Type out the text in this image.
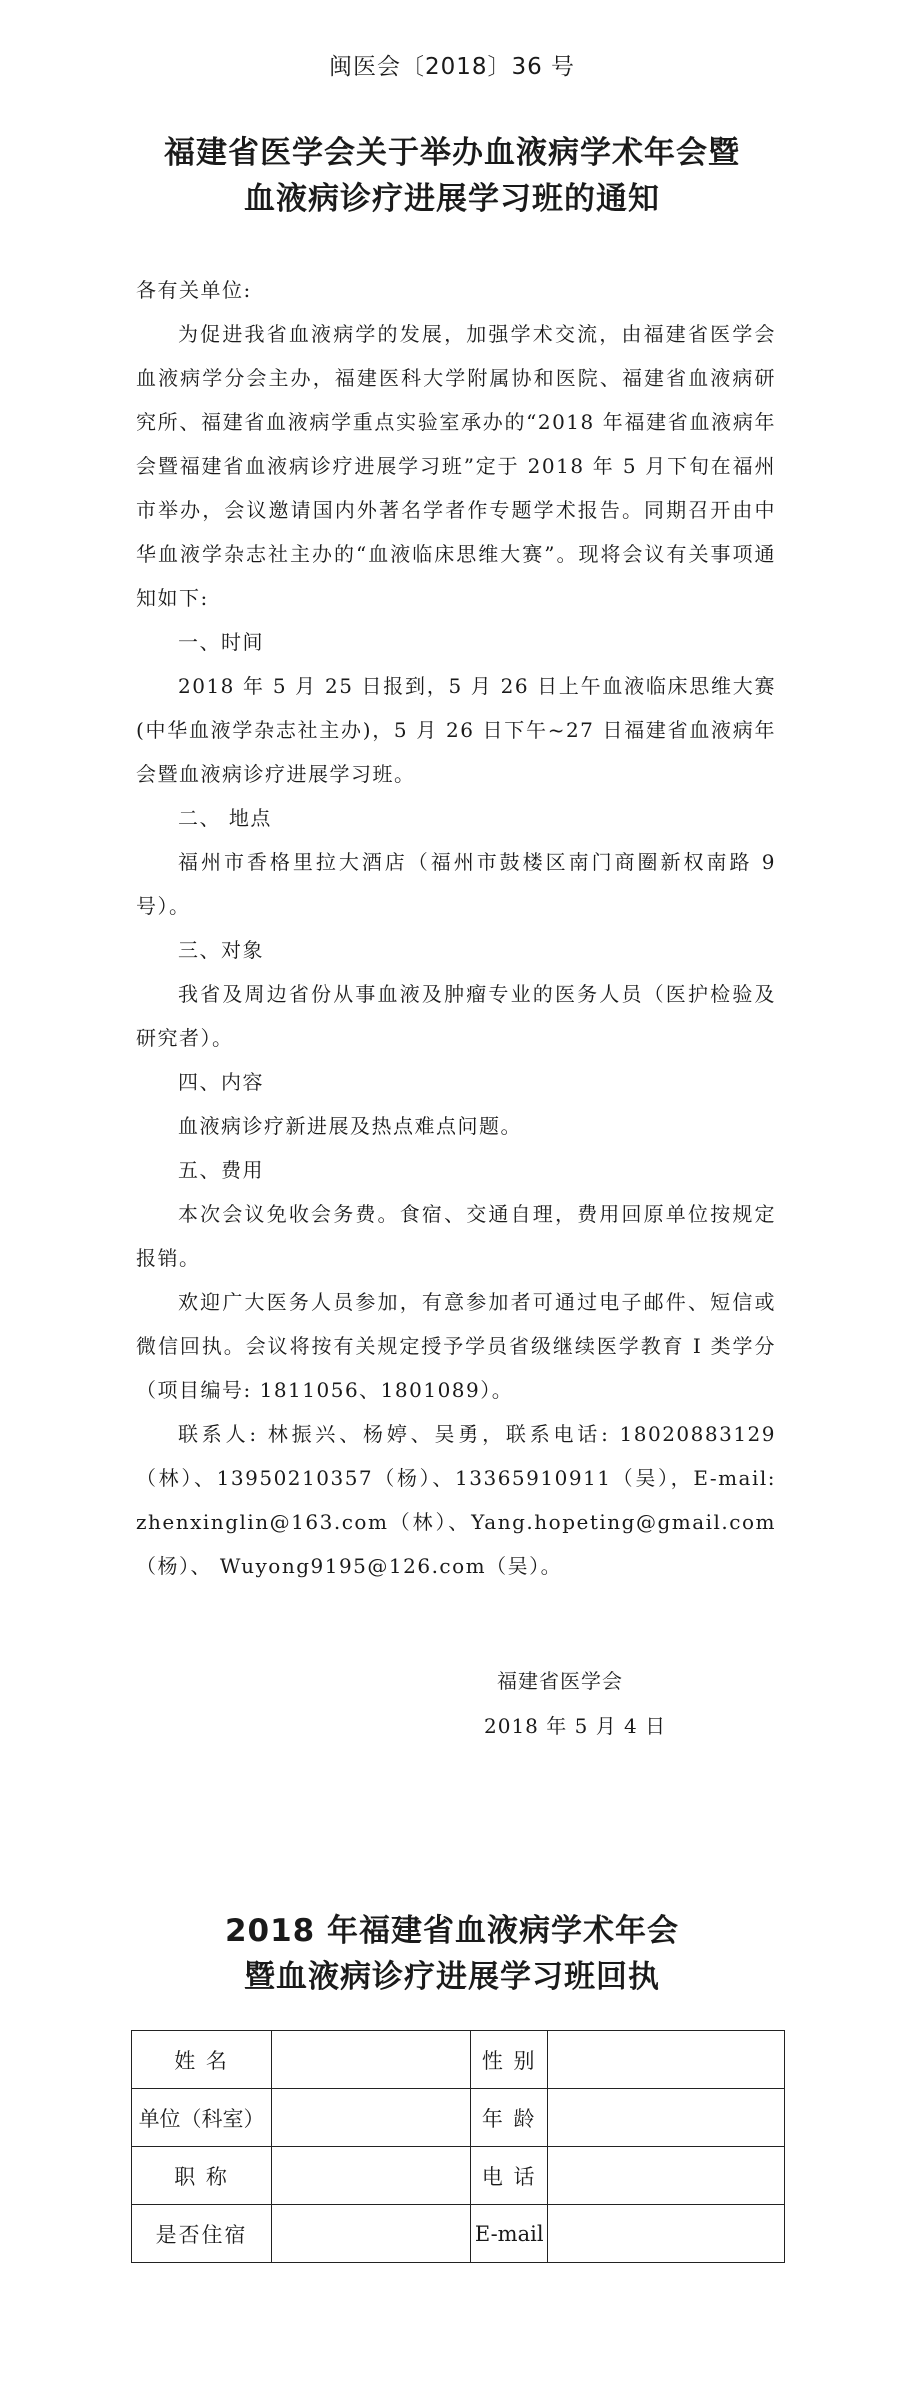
闽医会〔2018〕36 号
福建省医学会关于举办血液病学术年会暨
血液病诊疗进展学习班的通知

各有关单位:

为促进我省血液病学的发展，加强学术交流，由福建省医学会血液病学分会主办，福建医科大学附属协和医院、福建省血液病研究所、福建省血液病学重点实验室承办的“2018 年福建省血液病年会暨福建省血液病诊疗进展学习班”定于 2018 年 5 月下旬在福州市举办，会议邀请国内外著名学者作专题学术报告。同期召开由中华血液学杂志社主办的“血液临床思维大赛”。现将会议有关事项通知如下:

一、时间

2018 年 5 月 25 日报到，5 月 26 日上午血液临床思维大赛(中华血液学杂志社主办)，5 月 26 日下午~27 日福建省血液病年会暨血液病诊疗进展学习班。

二、 地点

福州市香格里拉大酒店（福州市鼓楼区南门商圈新权南路 9 号）。

三、对象

我省及周边省份从事血液及肿瘤专业的医务人员（医护检验及研究者）。

四、内容

血液病诊疗新进展及热点难点问题。

五、费用

本次会议免收会务费。食宿、交通自理，费用回原单位按规定报销。

欢迎广大医务人员参加，有意参加者可通过电子邮件、短信或微信回执。会议将按有关规定授予学员省级继续医学教育 I 类学分（项目编号: 1811056、1801089）。

联系人: 林振兴、杨婷、吴勇，联系电话: 18020883129（林）、13950210357（杨）、13365910911（吴），E-mail: zhenxinglin@163.com（林）、Yang.hopeting@gmail.com（杨）、 Wuyong9195@126.com（吴）。

福建省医学会
2018 年 5 月 4 日
2018 年福建省血液病学术年会
暨血液病诊疗进展学习班回执
姓 名		性 别	
单位（科室）		年 龄	
职 称		电 话	
是否住宿		E-mail	
